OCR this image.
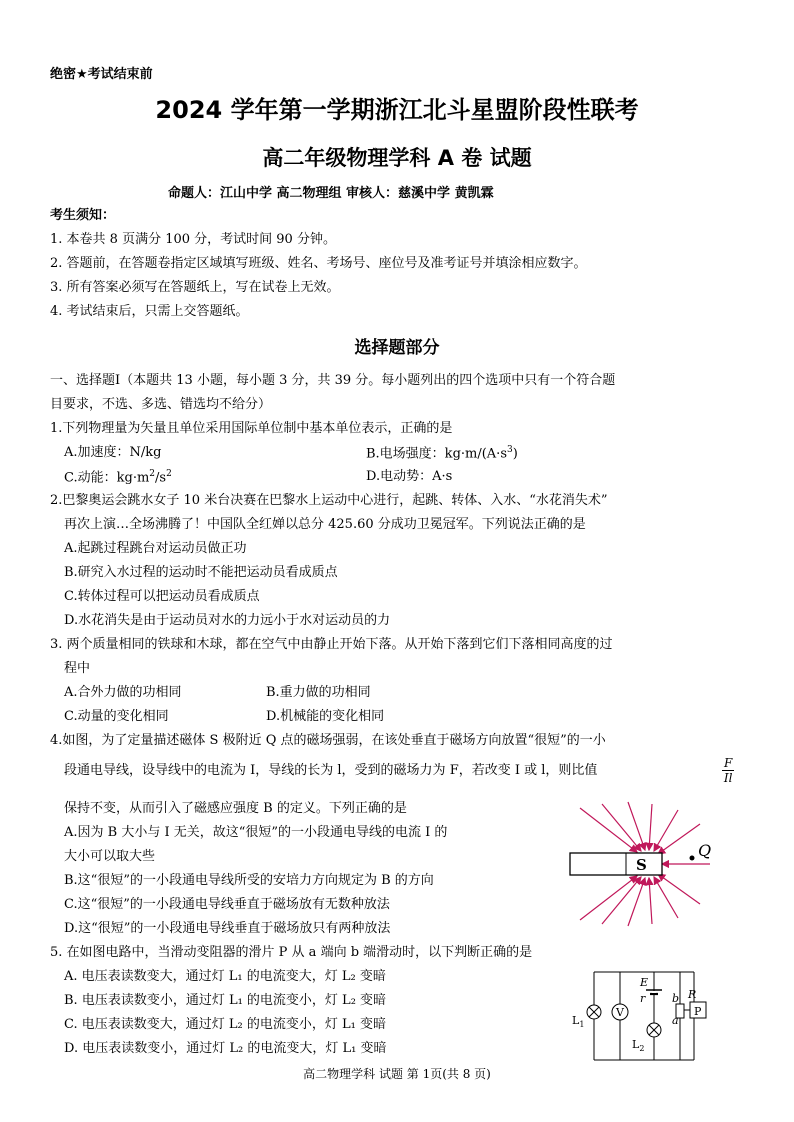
绝密★考试结束前
2024 学年第一学期浙江北斗星盟阶段性联考
高二年级物理学科 A 卷 试题
命题人：江山中学 高二物理组 审核人：慈溪中学 黄凯霖
考生须知：
1. 本卷共 8 页满分 100 分，考试时间 90 分钟。
2. 答题前，在答题卷指定区域填写班级、姓名、考场号、座位号及准考证号并填涂相应数字。
3. 所有答案必须写在答题纸上，写在试卷上无效。
4. 考试结束后，只需上交答题纸。
选择题部分
一、选择题Ⅰ（本题共 13 小题，每小题 3 分，共 39 分。每小题列出的四个选项中只有一个符合题
目要求，不选、多选、错选均不给分）
1.下列物理量为矢量且单位采用国际单位制中基本单位表示，正确的是
A.加速度：N/kg	B.电场强度：$kg\cdot m/(A\cdot s^3)$
C.动能：$kg\cdot m^2/s^2$	D.电动势：A·s
2.巴黎奥运会跳水女子 10 米台决赛在巴黎水上运动中心进行，起跳、转体、入水、“水花消失术”
再次上演…全场沸腾了！中国队全红婵以总分 425.60 分成功卫冕冠军。下列说法正确的是
A.起跳过程跳台对运动员做正功
B.研究入水过程的运动时不能把运动员看成质点
C.转体过程可以把运动员看成质点
D.水花消失是由于运动员对水的力远小于水对运动员的力
3. 两个质量相同的铁球和木球，都在空气中由静止开始下落。从开始下落到它们下落相同高度的过
程中
A.合外力做的功相同	B.重力做的功相同
C.动量的变化相同	D.机械能的变化相同
4.如图，为了定量描述磁体 S 极附近 Q 点的磁场强弱，在该处垂直于磁场方向放置“很短”的一小
段通电导线，设导线中的电流为 I，导线的长为 l，受到的磁场力为 F，若改变 I 或 l，则比值	$\frac{F}{Il}$
保持不变，从而引入了磁感应强度 B 的定义。下列正确的是
A.因为 B 大小与 I 无关，故这“很短”的一小段通电导线的电流 I 的
大小可以取大些
B.这“很短”的一小段通电导线所受的安培力方向规定为 B 的方向
C.这“很短”的一小段通电导线垂直于磁场放有无数种放法
D.这“很短”的一小段通电导线垂直于磁场放只有两种放法
S
Q
5. 在如图电路中，当滑动变阻器的滑片 P 从 a 端向 b 端滑动时，以下判断正确的是
A. 电压表读数变大，通过灯 L₁ 的电流变大，灯 L₂ 变暗
B. 电压表读数变小，通过灯 L₁ 的电流变小，灯 L₂ 变暗
C. 电压表读数变大，通过灯 L₂ 的电流变小，灯 L₁ 变暗
D. 电压表读数变小，通过灯 L₂ 的电流变大，灯 L₁ 变暗
V
E
r b
a
R
P
$L_1$
$L_2$
高二物理学科 试题 第 1页(共 8 页)
